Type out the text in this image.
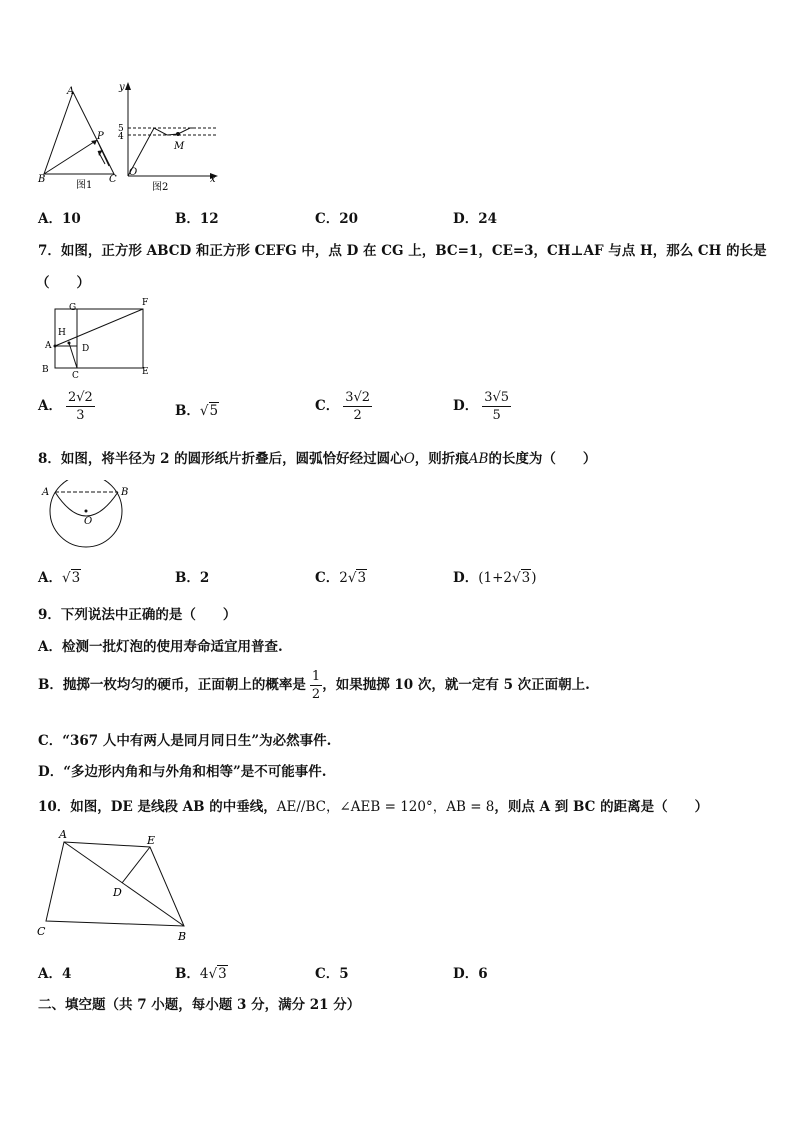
A
P
B	C
图1
y
5
4
M
O
x
图2
A．10	B．12	C．20	D．24
7．如图，正方形 ABCD 和正方形 CEFG 中，点 D 在 CG 上，BC=1，CE=3，CH⊥AF 与点 H，那么 CH 的长是
（　　）
G	F
H
A	D
B
C	E
A． $\frac{2√2}{3}$	B．√5	C． $\frac{3√2}{2}$	D． $\frac{3√5}{5}$
8．如图，将半径为 2 的圆形纸片折叠后，圆弧恰好经过圆心O，则折痕AB的长度为（　　）
A	B
O
A．√3	B．2	C．2√3	D．(1+2√3)
9．下列说法中正确的是（　　）
A．检测一批灯泡的使用寿命适宜用普查.
B．抛掷一枚均匀的硬币，正面朝上的概率是 $\frac{1}{2}$ ，如果抛掷 10 次，就一定有 5 次正面朝上.
C．“367 人中有两人是同月同日生”为必然事件.
D．“多边形内角和与外角和相等”是不可能事件.
10．如图，DE 是线段 AB 的中垂线，AE//BC，∠AEB = 120°，AB = 8，则点 A 到 BC 的距离是（　　）
A	E
D
C	B
A．4	B．4√3	C．5	D．6
二、填空题（共 7 小题，每小题 3 分，满分 21 分）
